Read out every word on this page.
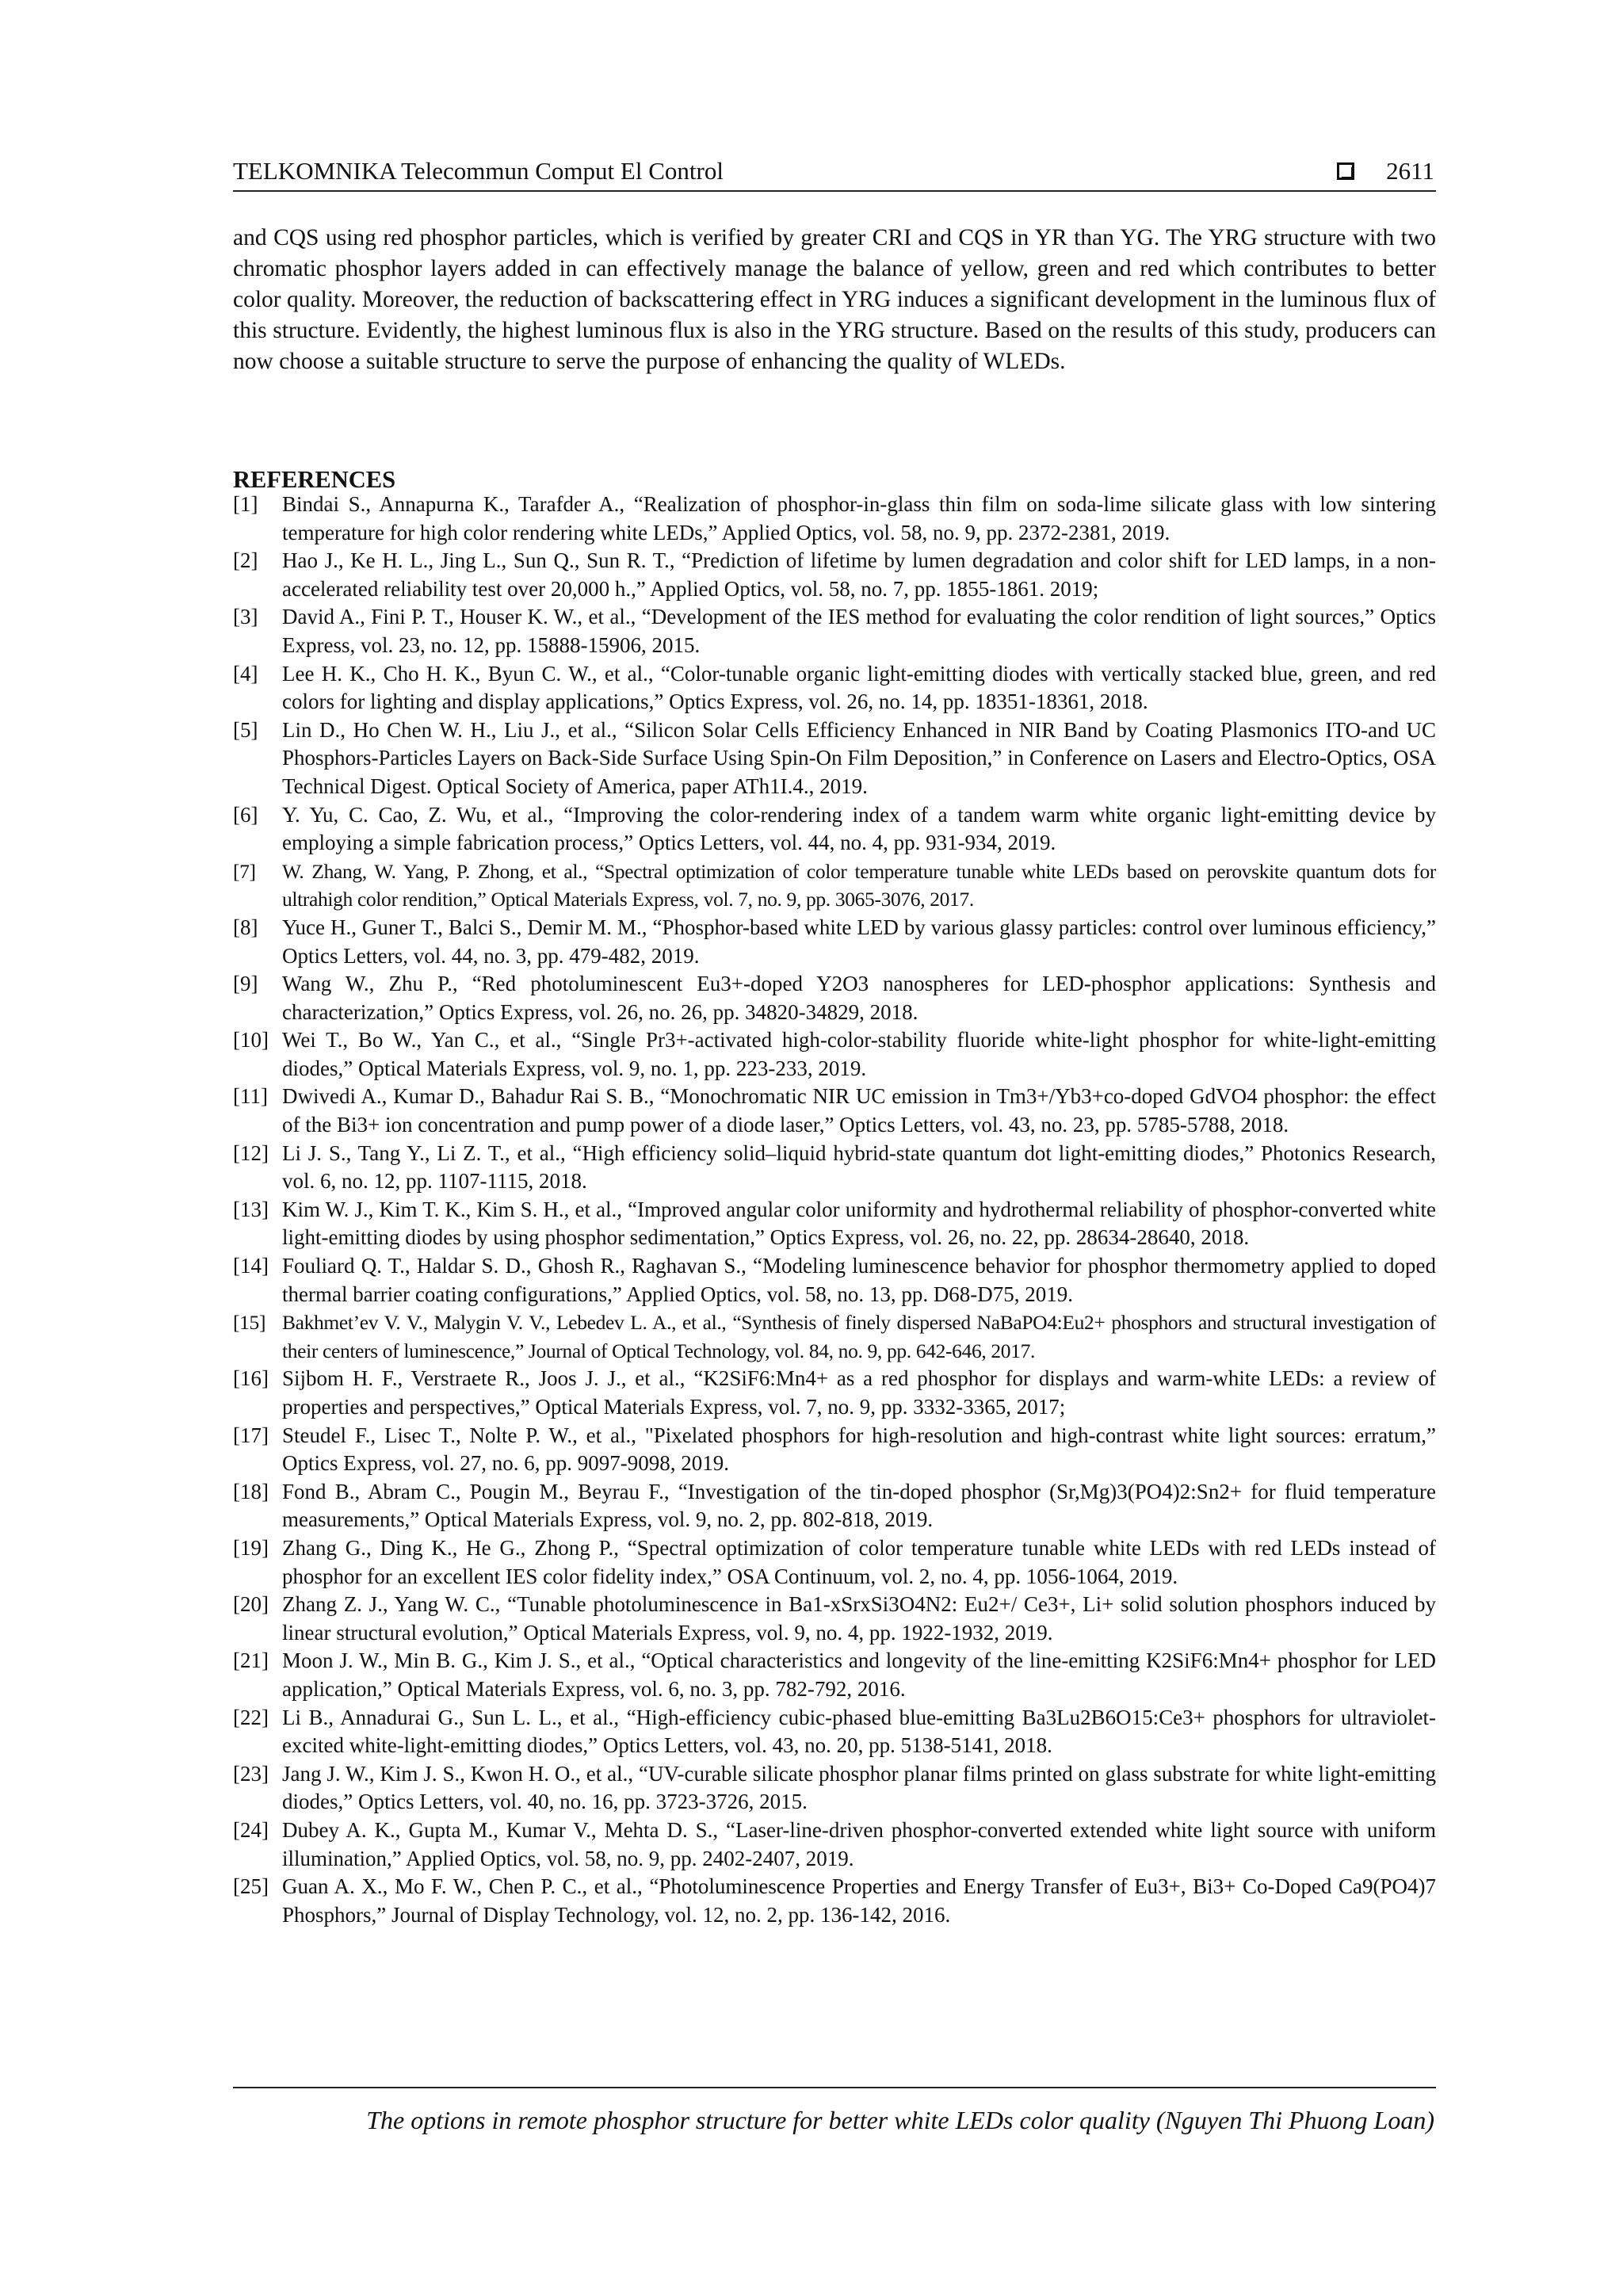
TELKOMNIKA Telecommun Comput El Control	2611

and CQS using red phosphor particles, which is verified by greater CRI and CQS in YR than YG. The YRG structure with two chromatic phosphor layers added in can effectively manage the balance of yellow, green and red which contributes to better color quality. Moreover, the reduction of backscattering effect in YRG induces a significant development in the luminous flux of this structure. Evidently, the highest luminous flux is also in the YRG structure. Based on the results of this study, producers can now choose a suitable structure to serve the purpose of enhancing the quality of WLEDs.

REFERENCES
[1] Bindai S., Annapurna K., Tarafder A., “Realization of phosphor-in-glass thin film on soda-lime silicate glass with low sintering temperature for high color rendering white LEDs,” Applied Optics, vol. 58, no. 9, pp. 2372-2381, 2019.
[2] Hao J., Ke H. L., Jing L., Sun Q., Sun R. T., “Prediction of lifetime by lumen degradation and color shift for LED lamps, in a non-accelerated reliability test over 20,000 h.,” Applied Optics, vol. 58, no. 7, pp. 1855-1861. 2019;
[3] David A., Fini P. T., Houser K. W., et al., “Development of the IES method for evaluating the color rendition of light sources,” Optics Express, vol. 23, no. 12, pp. 15888-15906, 2015.
[4] Lee H. K., Cho H. K., Byun C. W., et al., “Color-tunable organic light-emitting diodes with vertically stacked blue, green, and red colors for lighting and display applications,” Optics Express, vol. 26, no. 14, pp. 18351-18361, 2018.
[5] Lin D., Ho Chen W. H., Liu J., et al., “Silicon Solar Cells Efficiency Enhanced in NIR Band by Coating Plasmonics ITO-and UC Phosphors-Particles Layers on Back-Side Surface Using Spin-On Film Deposition,” in Conference on Lasers and Electro-Optics, OSA Technical Digest. Optical Society of America, paper ATh1I.4., 2019.
[6] Y. Yu, C. Cao, Z. Wu, et al., “Improving the color-rendering index of a tandem warm white organic light-emitting device by employing a simple fabrication process,” Optics Letters, vol. 44, no. 4, pp. 931-934, 2019.
[7] W. Zhang, W. Yang, P. Zhong, et al., “Spectral optimization of color temperature tunable white LEDs based on perovskite quantum dots for ultrahigh color rendition,” Optical Materials Express, vol. 7, no. 9, pp. 3065-3076, 2017.
[8] Yuce H., Guner T., Balci S., Demir M. M., “Phosphor-based white LED by various glassy particles: control over luminous efficiency,” Optics Letters, vol. 44, no. 3, pp. 479-482, 2019.
[9] Wang W., Zhu P., “Red photoluminescent Eu3+-doped Y2O3 nanospheres for LED-phosphor applications: Synthesis and characterization,” Optics Express, vol. 26, no. 26, pp. 34820-34829, 2018.
[10] Wei T., Bo W., Yan C., et al., “Single Pr3+-activated high-color-stability fluoride white-light phosphor for white-light-emitting diodes,” Optical Materials Express, vol. 9, no. 1, pp. 223-233, 2019.
[11] Dwivedi A., Kumar D., Bahadur Rai S. B., “Monochromatic NIR UC emission in Tm3+/Yb3+co-doped GdVO4 phosphor: the effect of the Bi3+ ion concentration and pump power of a diode laser,” Optics Letters, vol. 43, no. 23, pp. 5785-5788, 2018.
[12] Li J. S., Tang Y., Li Z. T., et al., “High efficiency solid–liquid hybrid-state quantum dot light-emitting diodes,” Photonics Research, vol. 6, no. 12, pp. 1107-1115, 2018.
[13] Kim W. J., Kim T. K., Kim S. H., et al., “Improved angular color uniformity and hydrothermal reliability of phosphor-converted white light-emitting diodes by using phosphor sedimentation,” Optics Express, vol. 26, no. 22, pp. 28634-28640, 2018.
[14] Fouliard Q. T., Haldar S. D., Ghosh R., Raghavan S., “Modeling luminescence behavior for phosphor thermometry applied to doped thermal barrier coating configurations,” Applied Optics, vol. 58, no. 13, pp. D68-D75, 2019.
[15] Bakhmet’ev V. V., Malygin V. V., Lebedev L. A., et al., “Synthesis of finely dispersed NaBaPO4:Eu2+ phosphors and structural investigation of their centers of luminescence,” Journal of Optical Technology, vol. 84, no. 9, pp. 642-646, 2017.
[16] Sijbom H. F., Verstraete R., Joos J. J., et al., “K2SiF6:Mn4+ as a red phosphor for displays and warm-white LEDs: a review of properties and perspectives,” Optical Materials Express, vol. 7, no. 9, pp. 3332-3365, 2017;
[17] Steudel F., Lisec T., Nolte P. W., et al., "Pixelated phosphors for high-resolution and high-contrast white light sources: erratum,” Optics Express, vol. 27, no. 6, pp. 9097-9098, 2019.
[18] Fond B., Abram C., Pougin M., Beyrau F., “Investigation of the tin-doped phosphor (Sr,Mg)3(PO4)2:Sn2+ for fluid temperature measurements,” Optical Materials Express, vol. 9, no. 2, pp. 802-818, 2019.
[19] Zhang G., Ding K., He G., Zhong P., “Spectral optimization of color temperature tunable white LEDs with red LEDs instead of phosphor for an excellent IES color fidelity index,” OSA Continuum, vol. 2, no. 4, pp. 1056-1064, 2019.
[20] Zhang Z. J., Yang W. C., “Tunable photoluminescence in Ba1-xSrxSi3O4N2: Eu2+/ Ce3+, Li+ solid solution phosphors induced by linear structural evolution,” Optical Materials Express, vol. 9, no. 4, pp. 1922-1932, 2019.
[21] Moon J. W., Min B. G., Kim J. S., et al., “Optical characteristics and longevity of the line-emitting K2SiF6:Mn4+ phosphor for LED application,” Optical Materials Express, vol. 6, no. 3, pp. 782-792, 2016.
[22] Li B., Annadurai G., Sun L. L., et al., “High-efficiency cubic-phased blue-emitting Ba3Lu2B6O15:Ce3+ phosphors for ultraviolet-excited white-light-emitting diodes,” Optics Letters, vol. 43, no. 20, pp. 5138-5141, 2018.
[23] Jang J. W., Kim J. S., Kwon H. O., et al., “UV-curable silicate phosphor planar films printed on glass substrate for white light-emitting diodes,” Optics Letters, vol. 40, no. 16, pp. 3723-3726, 2015.
[24] Dubey A. K., Gupta M., Kumar V., Mehta D. S., “Laser-line-driven phosphor-converted extended white light source with uniform illumination,” Applied Optics, vol. 58, no. 9, pp. 2402-2407, 2019.
[25] Guan A. X., Mo F. W., Chen P. C., et al., “Photoluminescence Properties and Energy Transfer of Eu3+, Bi3+ Co-Doped Ca9(PO4)7 Phosphors,” Journal of Display Technology, vol. 12, no. 2, pp. 136-142, 2016.
The options in remote phosphor structure for better white LEDs color quality (Nguyen Thi Phuong Loan)
